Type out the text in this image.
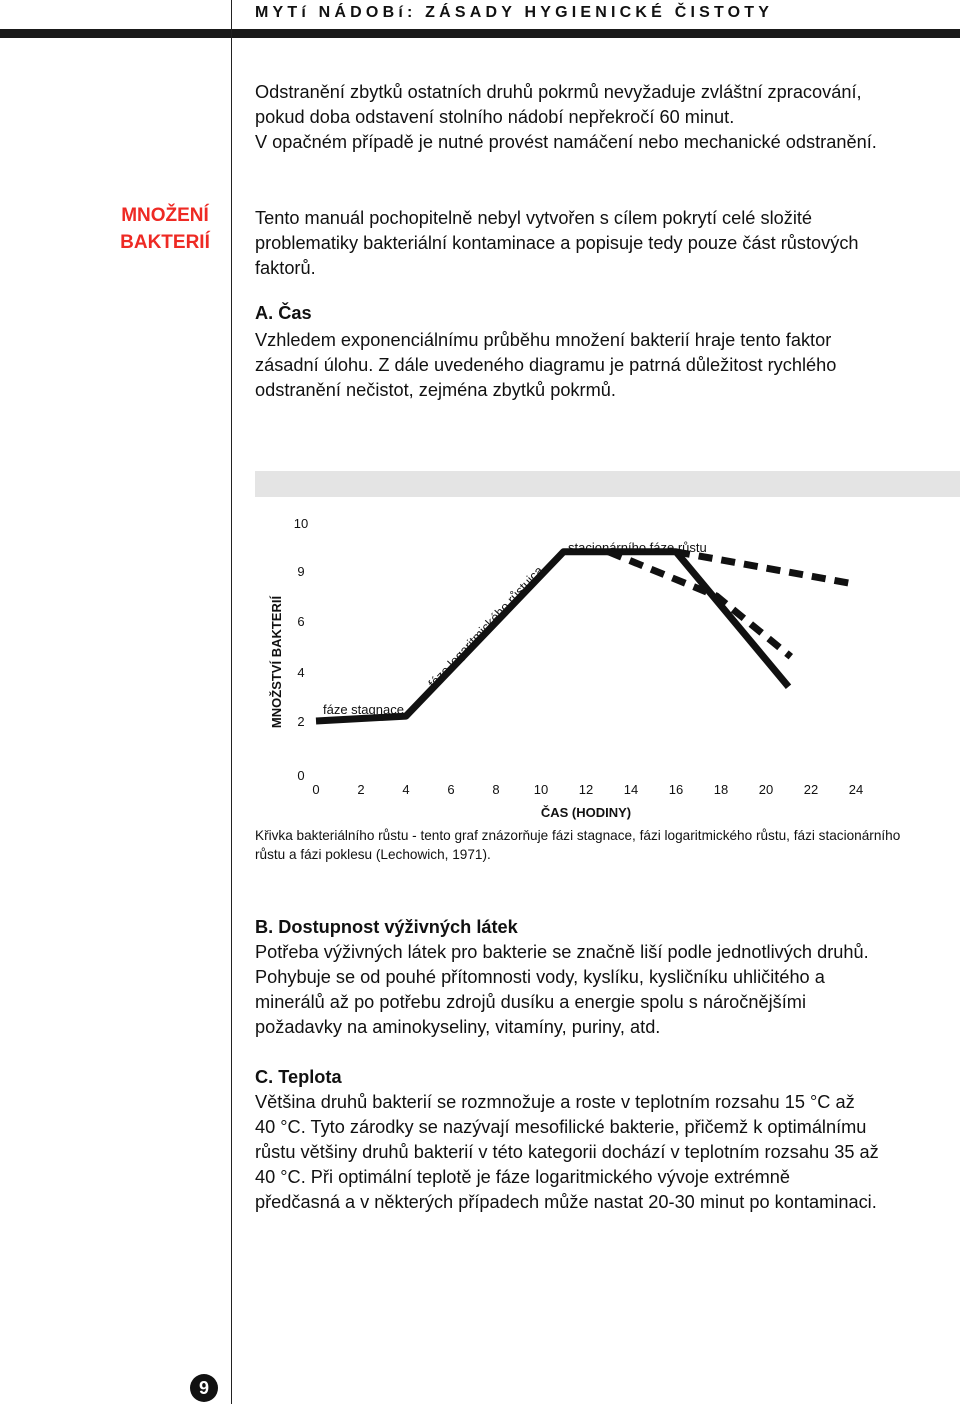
MYTí NÁDOBí: ZÁSADY HYGIENICKÉ ČISTOTY

Odstranění zbytků ostatních druhů pokrmů nevyžaduje zvláštní zpracování,
pokud doba odstavení stolního nádobí nepřekročí 60 minut.
V opačném případě je nutné provést namáčení nebo mechanické odstranění.

MNOŽENÍ
BAKTERIÍ

Tento manuál pochopitelně nebyl vytvořen s cílem pokrytí celé složité
problematiky bakteriální kontaminace a popisuje tedy pouze část růstových
faktorů.

A. Čas

Vzhledem exponenciálnímu průběhu množení bakterií hraje tento faktor
zásadní úlohu. Z dále uvedeného diagramu je patrná důležitost rychlého
odstranění nečistot, zejména zbytků pokrmů.

0
2
4
6
9
10
0	2	4	6	8	10 12 14 16 18 20 22 24
ČAS (HODINY)
MNOŽSTVÍ BAKTERIÍ	fáze stagnace
fáze logaritmického růstuica
stacionárního fáze růstu

Křivka bakteriálního růstu - tento graf znázorňuje fázi stagnace, fázi logaritmického růstu, fázi stacionárního
růstu a fázi poklesu (Lechowich, 1971).

B. Dostupnost výživných látek

Potřeba výživných látek pro bakterie se značně liší podle jednotlivých druhů.
Pohybuje se od pouhé přítomnosti vody, kyslíku, kysličníku uhličitého a
minerálů až po potřebu zdrojů dusíku a energie spolu s náročnějšími
požadavky na aminokyseliny, vitamíny, puriny, atd.

C. Teplota

Většina druhů bakterií se rozmnožuje a roste v teplotním rozsahu 15 °C až
40 °C. Tyto zárodky se nazývají mesofilické bakterie, přičemž k optimálnímu
růstu většiny druhů bakterií v této kategorii dochází v teplotním rozsahu 35 až
40 °C. Při optimální teplotě je fáze logaritmického vývoje extrémně
předčasná a v některých případech může nastat 20-30 minut po kontaminaci.

9
